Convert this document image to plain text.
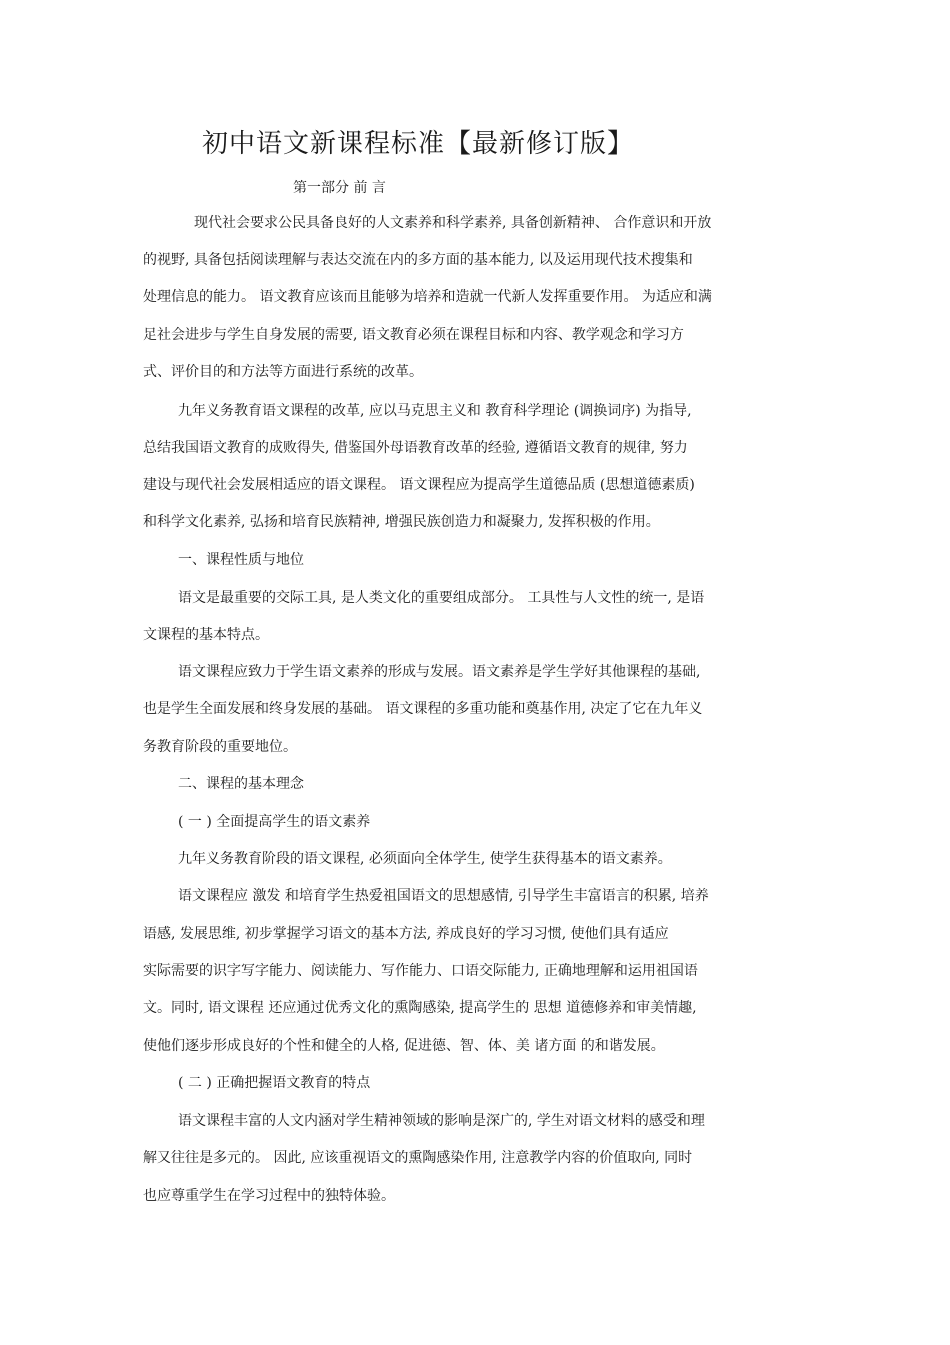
初中语文新课程标准【最新修订版】
第一部分 前 言
现代社会要求公民具备良好的人文素养和科学素养, 具备创新精神、 合作意识和开放
的视野, 具备包括阅读理解与表达交流在内的多方面的基本能力, 以及运用现代技术搜集和
处理信息的能力。 语文教育应该而且能够为培养和造就一代新人发挥重要作用。 为适应和满
足社会进步与学生自身发展的需要, 语文教育必须在课程目标和内容、教学观念和学习方
式、评价目的和方法等方面进行系统的改革。
九年义务教育语文课程的改革, 应以马克思主义和 教育科学理论 (调换词序) 为指导,
总结我国语文教育的成败得失, 借鉴国外母语教育改革的经验, 遵循语文教育的规律, 努力
建设与现代社会发展相适应的语文课程。 语文课程应为提高学生道德品质 (思想道德素质)
和科学文化素养, 弘扬和培育民族精神, 增强民族创造力和凝聚力, 发挥积极的作用。
一、课程性质与地位
语文是最重要的交际工具, 是人类文化的重要组成部分。 工具性与人文性的统一, 是语
文课程的基本特点。
语文课程应致力于学生语文素养的形成与发展。语文素养是学生学好其他课程的基础,
也是学生全面发展和终身发展的基础。 语文课程的多重功能和奠基作用, 决定了它在九年义
务教育阶段的重要地位。
二、课程的基本理念
( 一 ) 全面提高学生的语文素养
九年义务教育阶段的语文课程, 必须面向全体学生, 使学生获得基本的语文素养。
语文课程应 激发 和培育学生热爱祖国语文的思想感情, 引导学生丰富语言的积累, 培养
语感, 发展思维, 初步掌握学习语文的基本方法, 养成良好的学习习惯, 使他们具有适应
实际需要的识字写字能力、阅读能力、写作能力、口语交际能力, 正确地理解和运用祖国语
文。同时, 语文课程 还应通过优秀文化的熏陶感染, 提高学生的 思想 道德修养和审美情趣,
使他们逐步形成良好的个性和健全的人格, 促进德、智、体、美 诸方面 的和谐发展。
( 二 ) 正确把握语文教育的特点
语文课程丰富的人文内涵对学生精神领域的影响是深广的, 学生对语文材料的感受和理
解又往往是多元的。 因此, 应该重视语文的熏陶感染作用, 注意教学内容的价值取向, 同时
也应尊重学生在学习过程中的独特体验。
